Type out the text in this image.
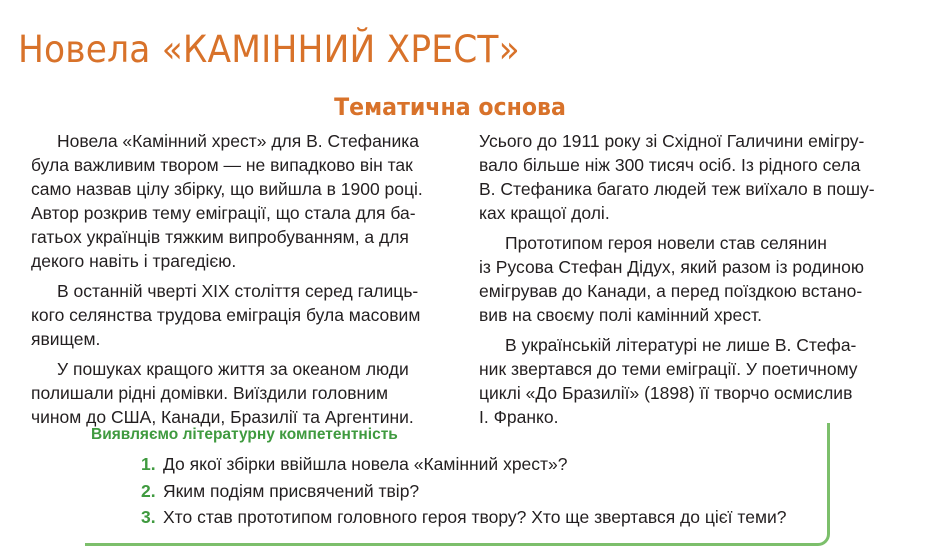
Новела «КАМІННИЙ ХРЕСТ»
Тематична основа

Новела «Камінний хрест» для В. Стефаника
була важливим твором — не випадково він так
само назвав цілу збірку, що вийшла в 1900 році.
Автор розкрив тему еміграції, що стала для ба-
гатьох українців тяжким випробуванням, а для
декого навіть і трагедією.

В останній чверті XIX століття серед галиць-
кого селянства трудова еміграція була масовим
явищем.

У пошуках кращого життя за океаном люди
полишали рідні домівки. Виїздили головним
чином до США, Канади, Бразилії та Аргентини.

Усього до 1911 року зі Східної Галичини емігру-
вало більше ніж 300 тисяч осіб. Із рідного села
В. Стефаника багато людей теж виїхало в пошу-
ках кращої долі.

Прототипом героя новели став селянин
із Русова Стефан Дідух, який разом із родиною
емігрував до Канади, а перед поїздкою встано-
вив на своєму полі камінний хрест.

В українській літературі не лише В. Стефа-
ник звертався до теми еміграції. У поетичному
циклі «До Бразилії» (1898) її творчо осмислив
І. Франко.

Виявляємо літературну компетентність
1. До якої збірки ввійшла новела «Камінний хрест»?
2. Яким подіям присвячений твір?
3. Хто став прототипом головного героя твору? Хто ще звертався до цієї теми?
